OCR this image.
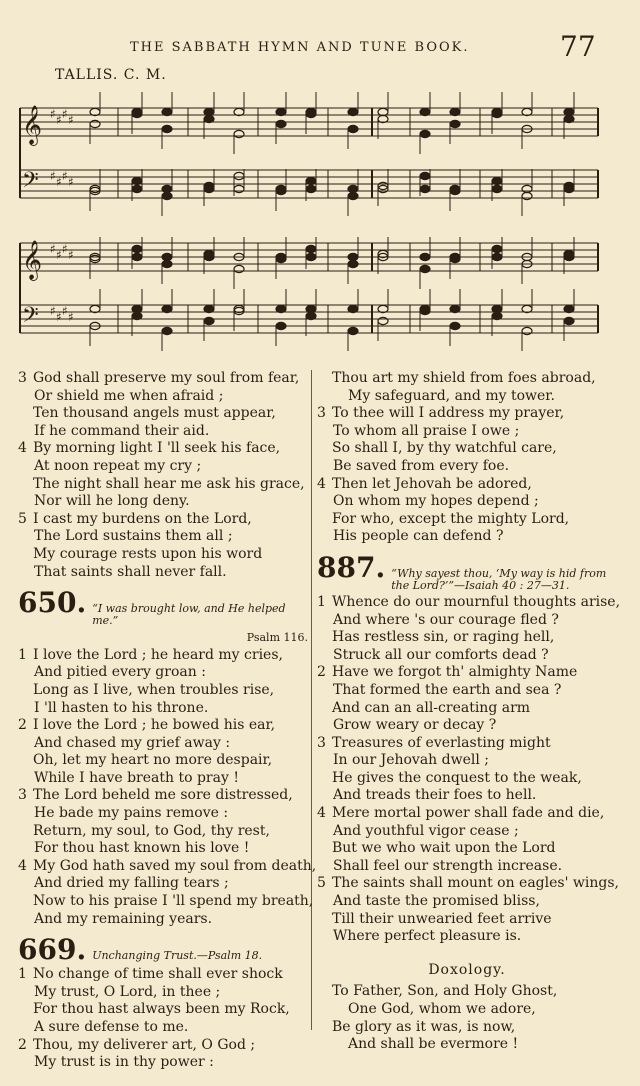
THE SABBATH HYMN AND TUNE BOOK.	77
TALLIS. C. M.
𝄞 ♯ ♯ ♯ ♯
𝄢 ♯ ♯ ♯ ♯
𝄞 ♯ ♯ ♯ ♯
𝄢 ♯ ♯ ♯ ♯
3 God shall preserve my soul from fear,
Or shield me when afraid ;
Ten thousand angels must appear,
If he command their aid.
4 By morning light I 'll seek his face,
At noon repeat my cry ;
The night shall hear me ask his grace,
Nor will he long deny.
5 I cast my burdens on the Lord,
The Lord sustains them all ;
My courage rests upon his word
That saints shall never fall.
650. “I was brought low, and He helped me.”
Psalm 116.
1 I love the Lord ; he heard my cries,
And pitied every groan :
Long as I live, when troubles rise,
I 'll hasten to his throne.
2 I love the Lord ; he bowed his ear,
And chased my grief away :
Oh, let my heart no more despair,
While I have breath to pray !
3 The Lord beheld me sore distressed,
He bade my pains remove :
Return, my soul, to God, thy rest,
For thou hast known his love !
4 My God hath saved my soul from death,
And dried my falling tears ;
Now to his praise I 'll spend my breath,
And my remaining years.
669. Unchanging Trust.—Psalm 18.
1 No change of time shall ever shock
My trust, O Lord, in thee ;
For thou hast always been my Rock,
A sure defense to me.
2 Thou, my deliverer art, O God ;
My trust is in thy power :
Thou art my shield from foes abroad,
My safeguard, and my tower.
3 To thee will I address my prayer,
To whom all praise I owe ;
So shall I, by thy watchful care,
Be saved from every foe.
4 Then let Jehovah be adored,
On whom my hopes depend ;
For who, except the mighty Lord,
His people can defend ?
887. “Why sayest thou, ‘My way is hid from the Lord?’”—Isaiah 40 : 27—31.
1 Whence do our mournful thoughts arise,
And where 's our courage fled ?
Has restless sin, or raging hell,
Struck all our comforts dead ?
2 Have we forgot th' almighty Name
That formed the earth and sea ?
And can an all-creating arm
Grow weary or decay ?
3 Treasures of everlasting might
In our Jehovah dwell ;
He gives the conquest to the weak,
And treads their foes to hell.
4 Mere mortal power shall fade and die,
And youthful vigor cease ;
But we who wait upon the Lord
Shall feel our strength increase.
5 The saints shall mount on eagles' wings,
And taste the promised bliss,
Till their unwearied feet arrive
Where perfect pleasure is.
Doxology.
To Father, Son, and Holy Ghost,
One God, whom we adore,
Be glory as it was, is now,
And shall be evermore !
